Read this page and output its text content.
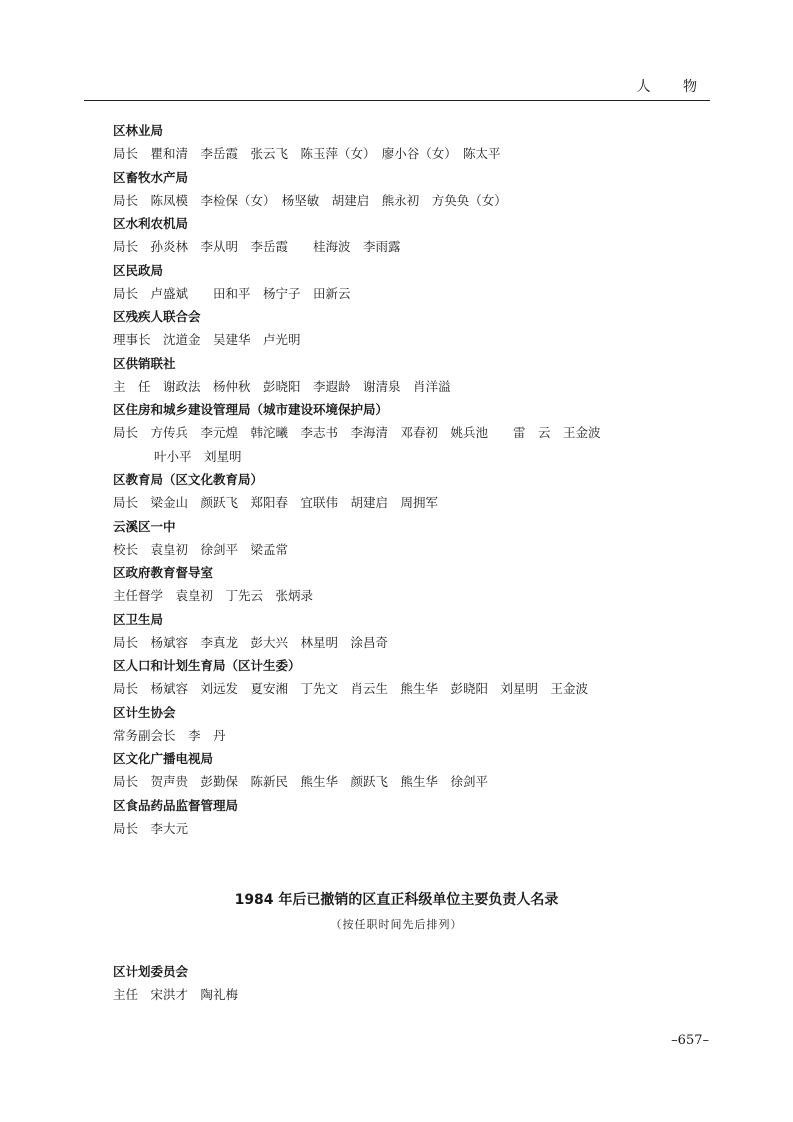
人 物
区林业局
局长　瞿和清　李岳霞　张云飞　陈玉萍（女）　廖小谷（女）　陈太平
区畜牧水产局
局长　陈凤模　李检保（女）　杨坚敏　胡建启　熊永初　方奂奂（女）
区水利农机局
局长　孙炎林　李从明　李岳霞　　桂海波　李雨露
区民政局
局长　卢盛斌　　田和平　杨宁子　田新云
区残疾人联合会
理事长　沈道金　吴建华　卢光明
区供销联社
主　任　谢政法　杨仲秋　彭晓阳　李遐龄　谢清泉　肖洋溢
区住房和城乡建设管理局（城市建设环境保护局）
局长　方传兵　李元煌　韩沱曦　李志书　李海清　邓春初　姚兵池　　雷　云　王金波
叶小平　刘星明
区教育局（区文化教育局）
局长　梁金山　颜跃飞　郑阳春　宜联伟　胡建启　周拥军
云溪区一中
校长　袁皇初　徐剑平　梁孟常
区政府教育督导室
主任督学　袁皇初　丁先云　张炳录
区卫生局
局长　杨斌容　李真龙　彭大兴　林星明　涂昌奇
区人口和计划生育局（区计生委）
局长　杨斌容　刘远发　夏安湘　丁先文　肖云生　熊生华　彭晓阳　刘星明　王金波
区计生协会
常务副会长　李　丹
区文化广播电视局
局长　贺声贵　彭勤保　陈新民　熊生华　颜跃飞　熊生华　徐剑平
区食品药品监督管理局
局长　李大元
1984 年后已撤销的区直正科级单位主要负责人名录
（按任职时间先后排列）
区计划委员会
主任　宋洪才　陶礼梅
–657–
